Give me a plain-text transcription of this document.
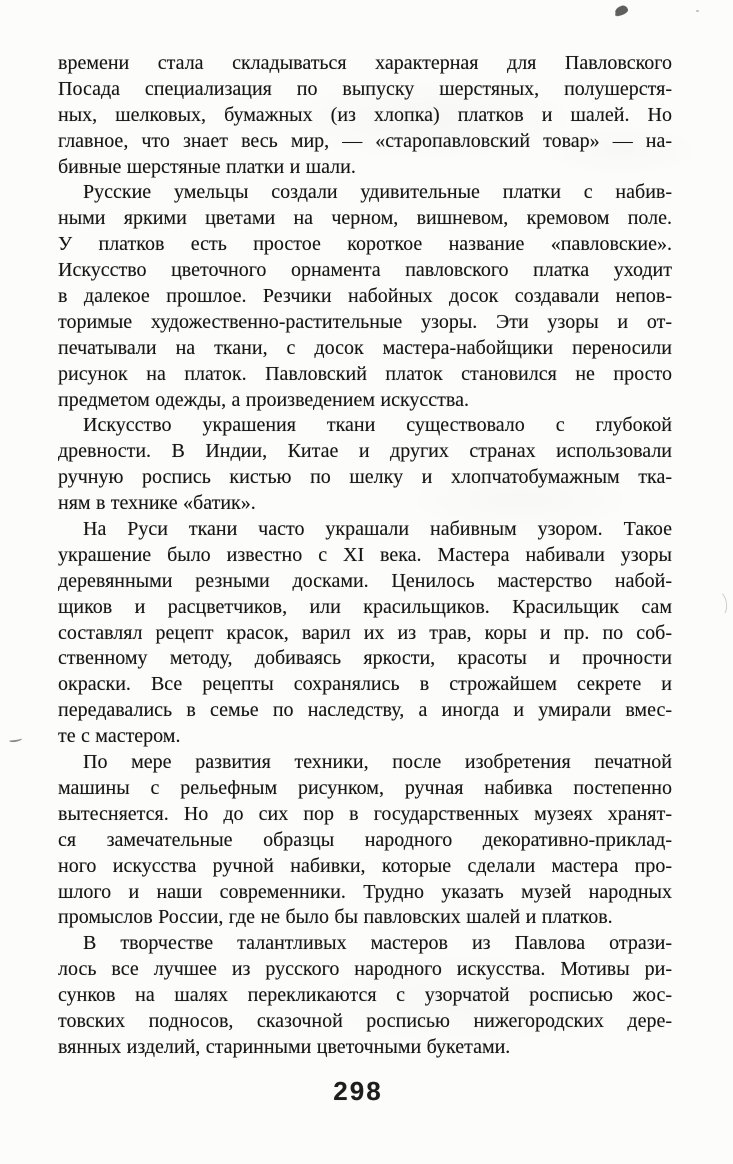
времени стала складываться характерная для Павловского
Посада специализация по выпуску шерстяных, полушерстя-
ных, шелковых, бумажных (из хлопка) платков и шалей. Но
главное, что знает весь мир, — «старопавловский товар» — на-
бивные шерстяные платки и шали.
Русские умельцы создали удивительные платки с набив-
ными яркими цветами на черном, вишневом, кремовом поле.
У платков есть простое короткое название «павловские».
Искусство цветочного орнамента павловского платка уходит
в далекое прошлое. Резчики набойных досок создавали непов-
торимые художественно-растительные узоры. Эти узоры и от-
печатывали на ткани, с досок мастера-набойщики переносили
рисунок на платок. Павловский платок становился не просто
предметом одежды, а произведением искусства.
Искусство украшения ткани существовало с глубокой
древности. В Индии, Китае и других странах использовали
ручную роспись кистью по шелку и хлопчатобумажным тка-
ням в технике «батик».
На Руси ткани часто украшали набивным узором. Такое
украшение было известно с XI века. Мастера набивали узоры
деревянными резными досками. Ценилось мастерство набой-
щиков и расцветчиков, или красильщиков. Красильщик сам
составлял рецепт красок, варил их из трав, коры и пр. по соб-
ственному методу, добиваясь яркости, красоты и прочности
окраски. Все рецепты сохранялись в строжайшем секрете и
передавались в семье по наследству, а иногда и умирали вмес-
те с мастером.
По мере развития техники, после изобретения печатной
машины с рельефным рисунком, ручная набивка постепенно
вытесняется. Но до сих пор в государственных музеях хранят-
ся замечательные образцы народного декоративно-приклад-
ного искусства ручной набивки, которые сделали мастера про-
шлого и наши современники. Трудно указать музей народных
промыслов России, где не было бы павловских шалей и платков.
В творчестве талантливых мастеров из Павлова отрази-
лось все лучшее из русского народного искусства. Мотивы ри-
сунков на шалях перекликаются с узорчатой росписью жос-
товских подносов, сказочной росписью нижегородских дере-
вянных изделий, старинными цветочными букетами.
298
